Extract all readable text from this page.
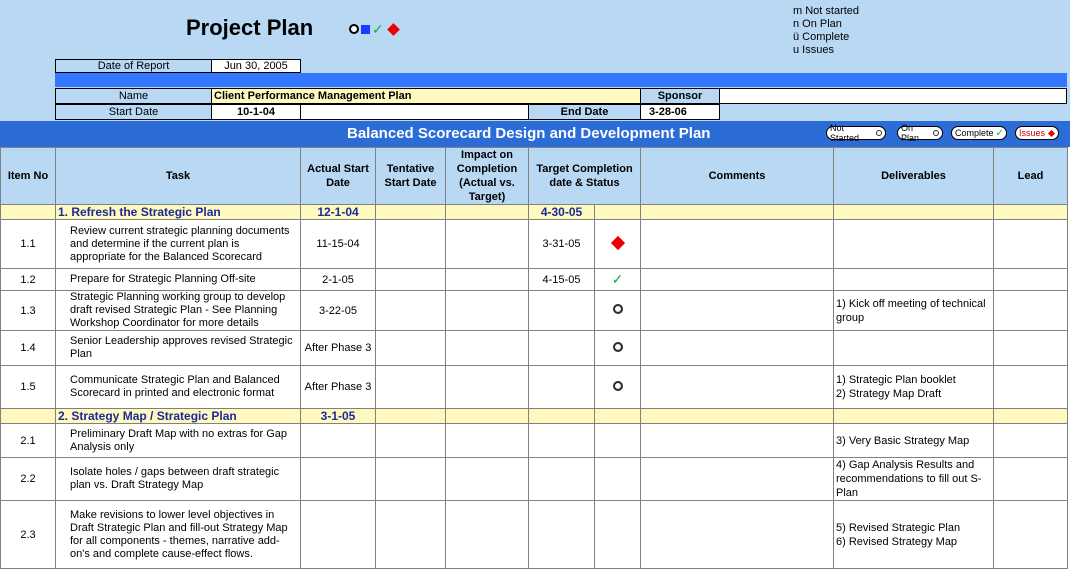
Project Plan	✓
m Not started
n On Plan
ü Complete
u Issues
Date of Report	Jun 30, 2005
Name	Client Performance Management Plan	Sponsor
Start Date	10-1-04	End Date	3-28-06
Balanced Scorecard Design and Development Plan	Not Started
On Plan	Complete ✓ Issues
Item No	Task	Actual Start Date	Tentative Start Date	Impact on Completion (Actual vs. Target)	Target Completion date & Status		Comments	Deliverables	Lead
	1. Refresh the Strategic Plan	12-1-04			4-30-05				
1.1	Review current strategic planning documents and determine if the current plan is appropriate for the Balanced Scorecard	11-15-04			3-31-05				
1.2	Prepare for Strategic Planning Off-site	2-1-05			4-15-05	✓			
1.3	Strategic Planning working group to develop draft revised Strategic Plan - See Planning Workshop Coordinator for more details	3-22-05						1) Kick off meeting of technical group	
1.4	Senior Leadership approves revised Strategic Plan	After Phase 3							
1.5	Communicate Strategic Plan and Balanced Scorecard in printed and electronic format	After Phase 3						1) Strategic Plan booklet
2) Strategy Map Draft	
	2. Strategy Map / Strategic Plan	3-1-05							
2.1	Preliminary Draft Map with no extras for Gap Analysis only							3) Very Basic Strategy Map	
2.2	Isolate holes / gaps between draft strategic plan vs. Draft Strategy Map							4) Gap Analysis Results and recommendations to fill out S-Plan	
2.3	Make revisions to lower level objectives in Draft Strategic Plan and fill-out Strategy Map for all components - themes, narrative add-on's and complete cause-effect flows.							5) Revised Strategic Plan
6) Revised Strategy Map	
